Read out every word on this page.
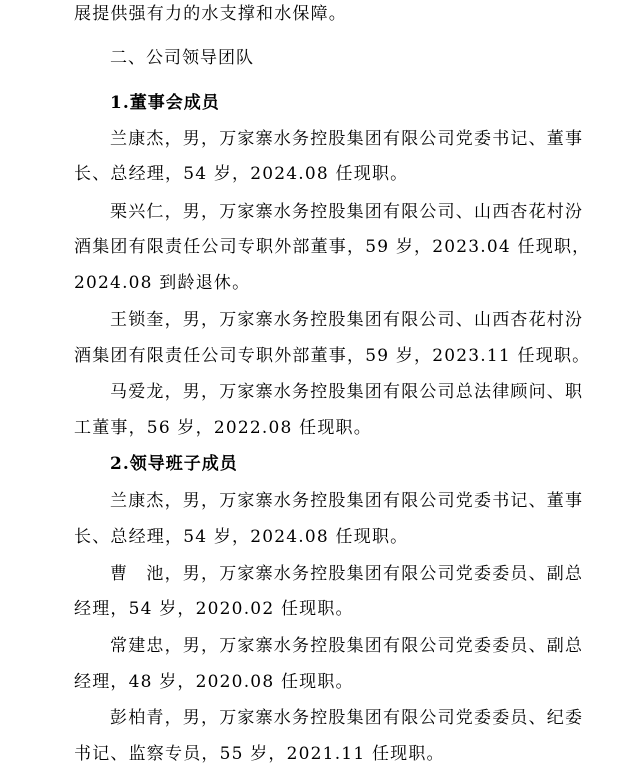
展提供强有力的水支撑和水保障。
二、公司领导团队
1.董事会成员
兰康杰，男，万家寨水务控股集团有限公司党委书记、董事
长、总经理，54 岁，2024.08 任现职。
栗兴仁，男，万家寨水务控股集团有限公司、山西杏花村汾
酒集团有限责任公司专职外部董事，59 岁，2023.04 任现职，
2024.08 到龄退休。
王锁奎，男，万家寨水务控股集团有限公司、山西杏花村汾
酒集团有限责任公司专职外部董事，59 岁，2023.11 任现职。
马爱龙，男，万家寨水务控股集团有限公司总法律顾问、职
工董事，56 岁，2022.08 任现职。
2.领导班子成员
兰康杰，男，万家寨水务控股集团有限公司党委书记、董事
长、总经理，54 岁，2024.08 任现职。
曹　池，男，万家寨水务控股集团有限公司党委委员、副总
经理，54 岁，2020.02 任现职。
常建忠，男，万家寨水务控股集团有限公司党委委员、副总
经理，48 岁，2020.08 任现职。
彭柏青，男，万家寨水务控股集团有限公司党委委员、纪委
书记、监察专员，55 岁，2021.11 任现职。
